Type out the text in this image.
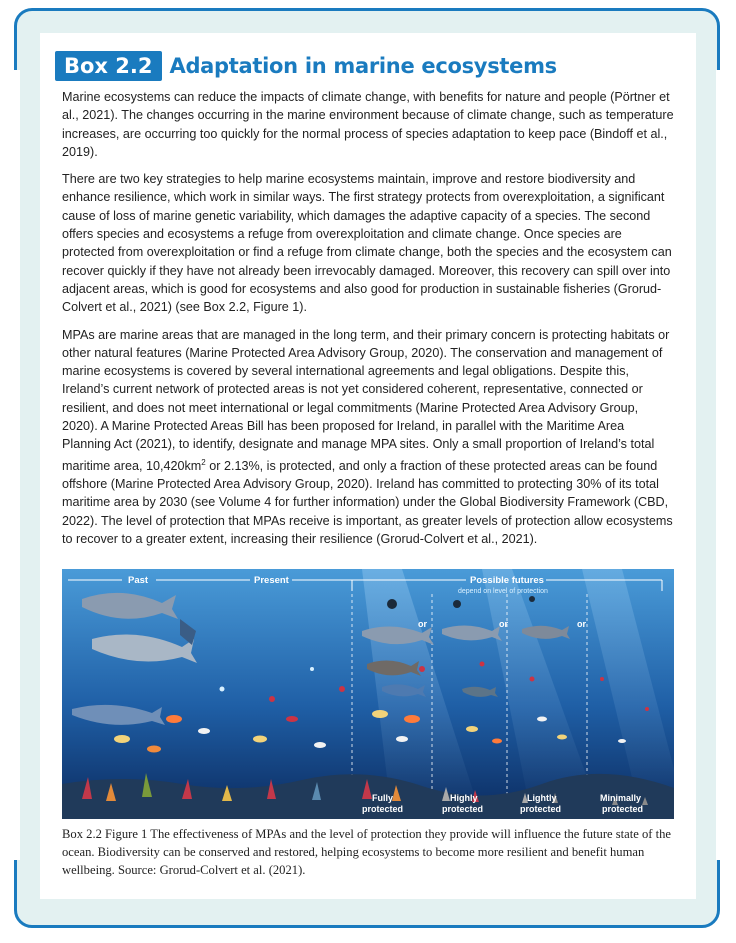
Box 2.2 Adaptation in marine ecosystems

Marine ecosystems can reduce the impacts of climate change, with benefits for nature and people (Pörtner et al., 2021). The changes occurring in the marine environment because of climate change, such as temperature increases, are occurring too quickly for the normal process of species adaptation to keep pace (Bindoff et al., 2019).

There are two key strategies to help marine ecosystems maintain, improve and restore biodiversity and enhance resilience, which work in similar ways. The first strategy protects from overexploitation, a significant cause of loss of marine genetic variability, which damages the adaptive capacity of a species. The second offers species and ecosystems a refuge from overexploitation and climate change. Once species are protected from overexploitation or find a refuge from climate change, both the species and the ecosystem can recover quickly if they have not already been irrevocably damaged. Moreover, this recovery can spill over into adjacent areas, which is good for ecosystems and also good for production in sustainable fisheries (Grorud-Colvert et al., 2021) (see Box 2.2, Figure 1).

MPAs are marine areas that are managed in the long term, and their primary concern is protecting habitats or other natural features (Marine Protected Area Advisory Group, 2020). The conservation and management of marine ecosystems is covered by several international agreements and legal obligations. Despite this, Ireland’s current network of protected areas is not yet considered coherent, representative, connected or resilient, and does not meet international or legal commitments (Marine Protected Area Advisory Group, 2020). A Marine Protected Areas Bill has been proposed for Ireland, in parallel with the Maritime Area Planning Act (2021), to identify, designate and manage MPA sites. Only a small proportion of Ireland’s total maritime area, $10,420km^2$ or 2.13%, is protected, and only a fraction of these protected areas can be found offshore (Marine Protected Area Advisory Group, 2020). Ireland has committed to protecting 30% of its total maritime area by 2030 (see Volume 4 for further information) under the Global Biodiversity Framework (CBD, 2022). The level of protection that MPAs receive is important, as greater levels of protection allow ecosystems to recover to a greater extent, increasing their resilience (Grorud-Colvert et al., 2021).

Past	Present	Possible futures
depend on level of protection
or	or	or
Fully
protected
Highly
protected
Lightly
protected
Minimally
protected
Box 2.2 Figure 1 The effectiveness of MPAs and the level of protection they provide will influence the future state of the ocean. Biodiversity can be conserved and restored, helping ecosystems to become more resilient and benefit human wellbeing. Source: Grorud-Colvert et al. (2021).
